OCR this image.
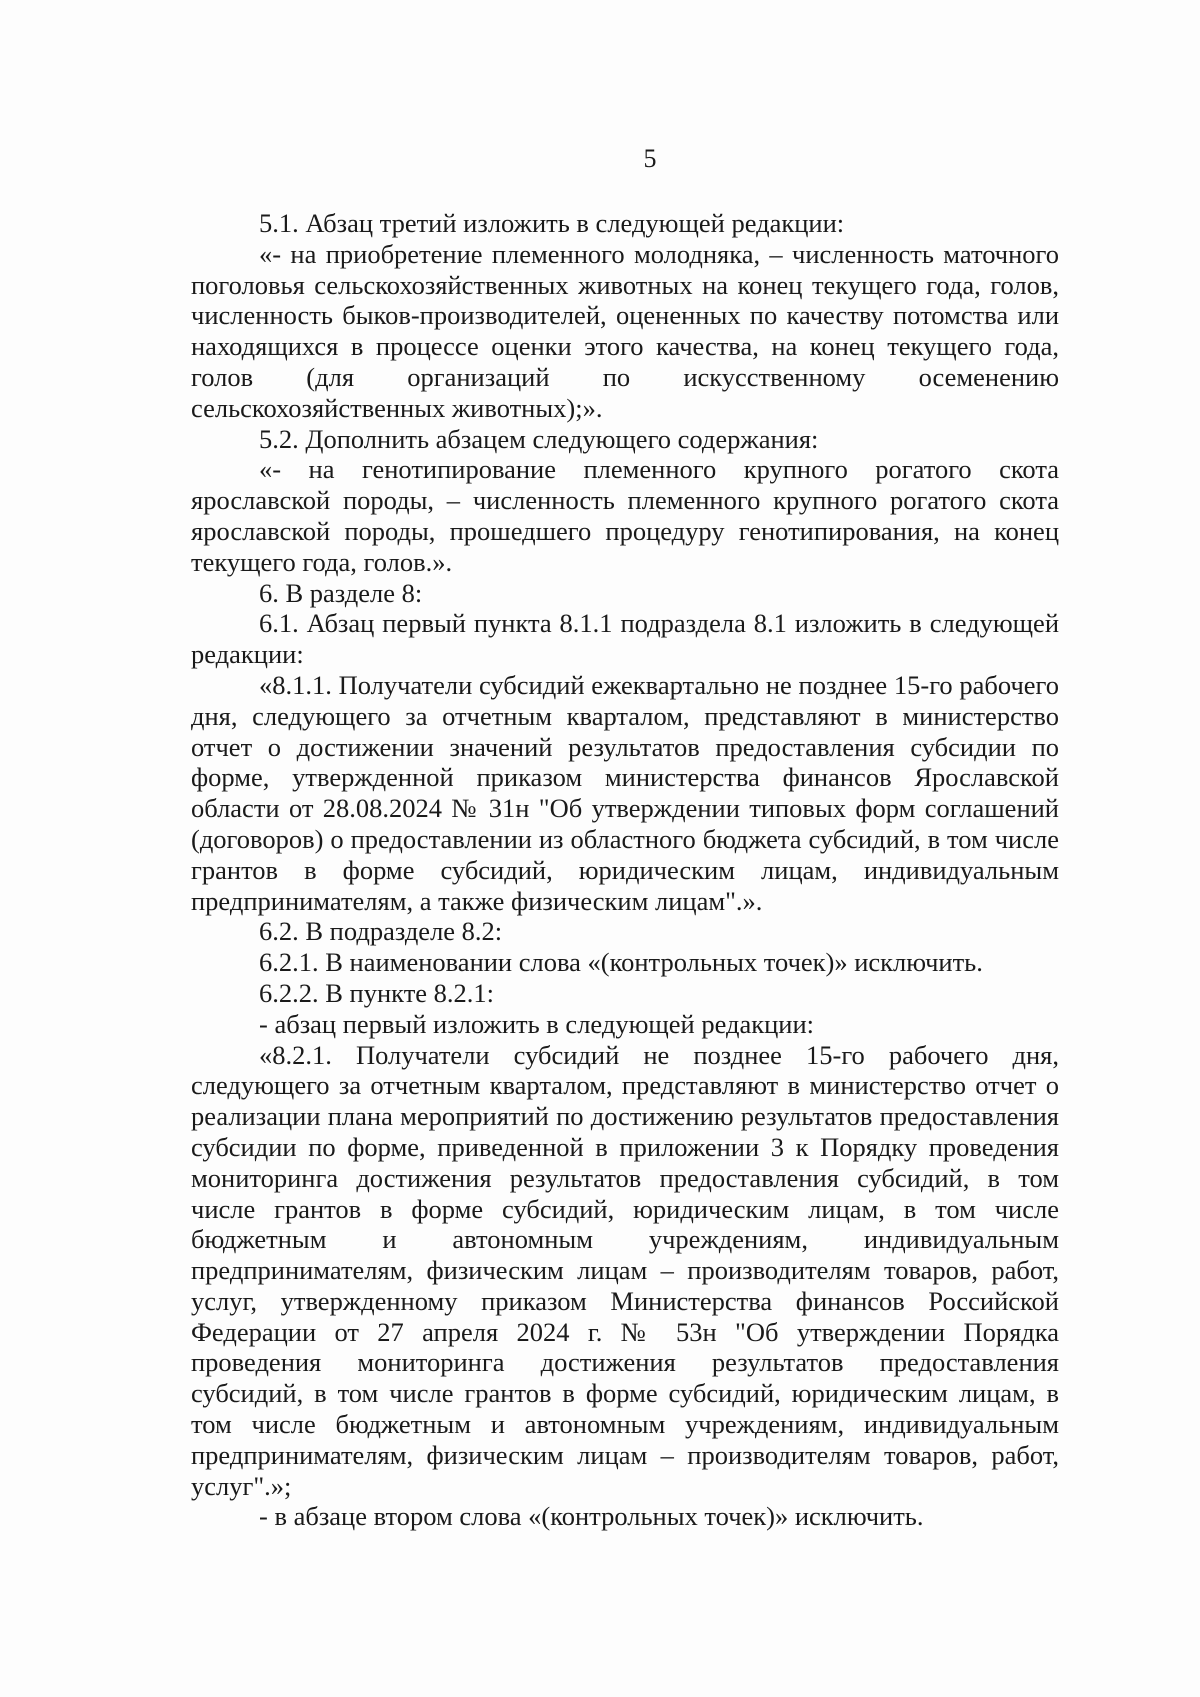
5

5.1. Абзац третий изложить в следующей редакции:

«- на приобретение племенного молодняка, – численность маточного поголовья сельскохозяйственных животных на конец текущего года, голов, численность быков-производителей, оцененных по качеству потомства или находящихся в процессе оценки этого качества, на конец текущего года, голов (для организаций по искусственному осеменению сельскохозяйственных животных);».

5.2. Дополнить абзацем следующего содержания:

«- на генотипирование племенного крупного рогатого скота ярославской породы, – численность племенного крупного рогатого скота ярославской породы, прошедшего процедуру генотипирования, на конец текущего года, голов.».

6. В разделе 8:

6.1. Абзац первый пункта 8.1.1 подраздела 8.1 изложить в следующей редакции:

«8.1.1. Получатели субсидий ежеквартально не позднее 15-го рабочего дня, следующего за отчетным кварталом, представляют в министерство отчет о достижении значений результатов предоставления субсидии по форме, утвержденной приказом министерства финансов Ярославской области от 28.08.2024 № 31н "Об утверждении типовых форм соглашений (договоров) о предоставлении из областного бюджета субсидий, в том числе грантов в форме субсидий, юридическим лицам, индивидуальным предпринимателям, а также физическим лицам".».

6.2. В подразделе 8.2:

6.2.1. В наименовании слова «(контрольных точек)» исключить.

6.2.2. В пункте 8.2.1:

- абзац первый изложить в следующей редакции:

«8.2.1. Получатели субсидий не позднее 15-го рабочего дня, следующего за отчетным кварталом, представляют в министерство отчет о реализации плана мероприятий по достижению результатов предоставления субсидии по форме, приведенной в приложении 3 к Порядку проведения мониторинга достижения результатов предоставления субсидий, в том числе грантов в форме субсидий, юридическим лицам, в том числе бюджетным и автономным учреждениям, индивидуальным предпринимателям, физическим лицам – производителям товаров, работ, услуг, утвержденному приказом Министерства финансов Российской Федерации от 27 апреля 2024 г. № 53н "Об утверждении Порядка проведения мониторинга достижения результатов предоставления субсидий, в том числе грантов в форме субсидий, юридическим лицам, в том числе бюджетным и автономным учреждениям, индивидуальным предпринимателям, физическим лицам – производителям товаров, работ, услуг".»;

- в абзаце втором слова «(контрольных точек)» исключить.
